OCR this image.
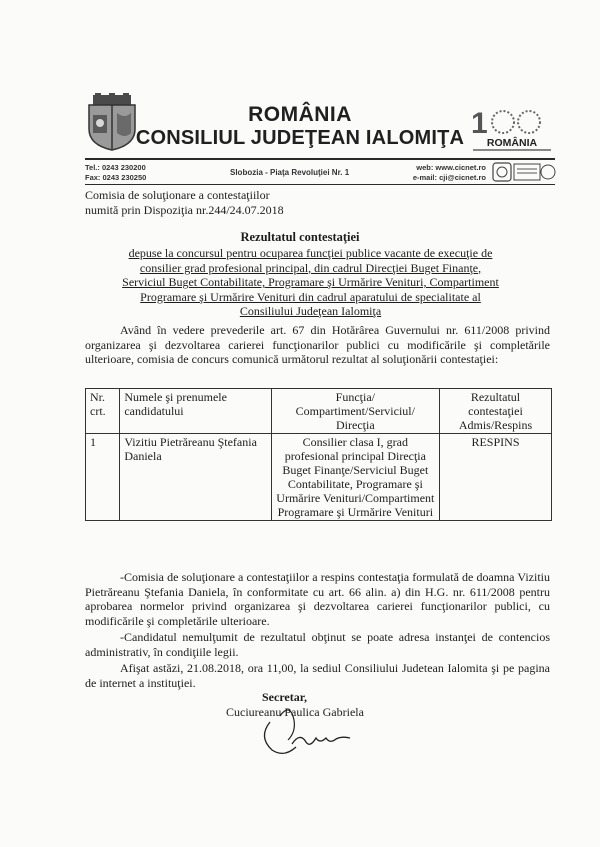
ROMÂNIA
CONSILIUL JUDEŢEAN IALOMIŢA 1
ROMÂNIA
Tel.: 0243 230200
Fax: 0243 230250
Slobozia - Piaţa Revoluţiei Nr. 1
web: www.cicnet.ro
e-mail: cji@cicnet.ro
Comisia de soluţionare a contestaţiilor
numită prin Dispoziţia nr.244/24.07.2018
Rezultatul contestaţiei
depuse la concursul pentru ocuparea funcţiei publice vacante de execuţie de consilier grad profesional principal, din cadrul Direcţiei Buget Finanţe, Serviciul Buget Contabilitate, Programare şi Urmărire Venituri, Compartiment Programare şi Urmărire Venituri din cadrul aparatului de specialitate al Consiliului Judeţean Ialomiţa
Având în vedere prevederile art. 67 din Hotărârea Guvernului nr. 611/2008 privind organizarea şi dezvoltarea carierei funcţionarilor publici cu modificările şi completările ulterioare, comisia de concurs comunică următorul rezultat al soluţionării contestaţiei:
Nr. crt.	Numele şi prenumele candidatului	Funcţia/ Compartiment/Serviciul/ Direcţia	Rezultatul contestaţiei Admis/Respins
1	Vizitiu Pietrăreanu Ştefania Daniela	Consilier clasa I, grad profesional principal Direcţia Buget Finanţe/Serviciul Buget Contabilitate, Programare şi Urmărire Venituri/Compartiment Programare şi Urmărire Venituri	RESPINS
-Comisia de soluţionare a contestaţiilor a respins contestaţia formulată de doamna Vizitiu Pietrăreanu Ştefania Daniela, în conformitate cu art. 66 alin. a) din H.G. nr. 611/2008 pentru aprobarea normelor privind organizarea şi dezvoltarea carierei funcţionarilor publici, cu modificările şi completările ulterioare.
-Candidatul nemulţumit de rezultatul obţinut se poate adresa instanţei de contencios administrativ, în condiţiile legii.
Afişat astăzi, 21.08.2018, ora 11,00, la sediul Consiliului Judetean Ialomita şi pe pagina de internet a instituţiei.
Secretar,
Cuciureanu Paulica Gabriela
